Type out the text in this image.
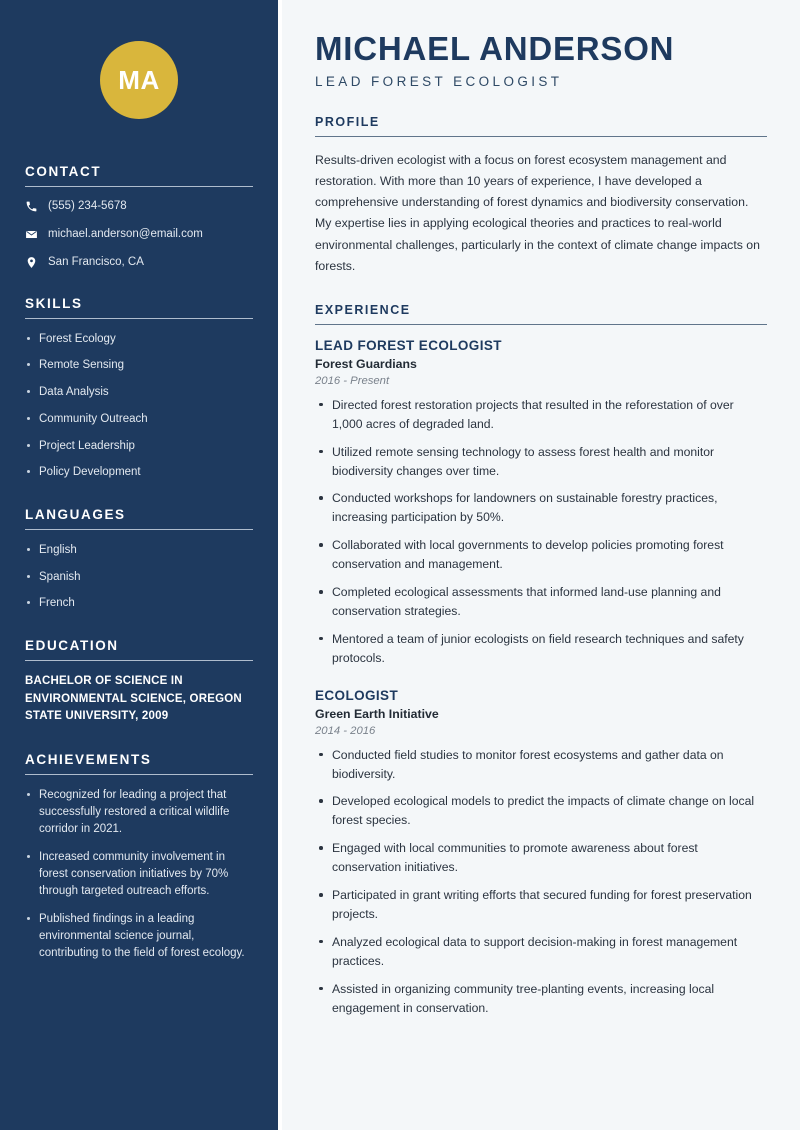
MA
CONTACT
(555) 234-5678
michael.anderson@email.com
San Francisco, CA
SKILLS
Forest Ecology
Remote Sensing
Data Analysis
Community Outreach
Project Leadership
Policy Development
LANGUAGES
English
Spanish
French
EDUCATION
BACHELOR OF SCIENCE IN ENVIRONMENTAL SCIENCE, OREGON STATE UNIVERSITY, 2009
ACHIEVEMENTS
Recognized for leading a project that successfully restored a critical wildlife corridor in 2021.
Increased community involvement in forest conservation initiatives by 70% through targeted outreach efforts.
Published findings in a leading environmental science journal, contributing to the field of forest ecology.
MICHAEL ANDERSON
LEAD FOREST ECOLOGIST
PROFILE

Results-driven ecologist with a focus on forest ecosystem management and restoration. With more than 10 years of experience, I have developed a comprehensive understanding of forest dynamics and biodiversity conservation. My expertise lies in applying ecological theories and practices to real-world environmental challenges, particularly in the context of climate change impacts on forests.

EXPERIENCE
LEAD FOREST ECOLOGIST
Forest Guardians
2016 - Present
Directed forest restoration projects that resulted in the reforestation of over 1,000 acres of degraded land.
Utilized remote sensing technology to assess forest health and monitor biodiversity changes over time.
Conducted workshops for landowners on sustainable forestry practices, increasing participation by 50%.
Collaborated with local governments to develop policies promoting forest conservation and management.
Completed ecological assessments that informed land-use planning and conservation strategies.
Mentored a team of junior ecologists on field research techniques and safety protocols.
ECOLOGIST
Green Earth Initiative
2014 - 2016
Conducted field studies to monitor forest ecosystems and gather data on biodiversity.
Developed ecological models to predict the impacts of climate change on local forest species.
Engaged with local communities to promote awareness about forest conservation initiatives.
Participated in grant writing efforts that secured funding for forest preservation projects.
Analyzed ecological data to support decision-making in forest management practices.
Assisted in organizing community tree-planting events, increasing local engagement in conservation.
